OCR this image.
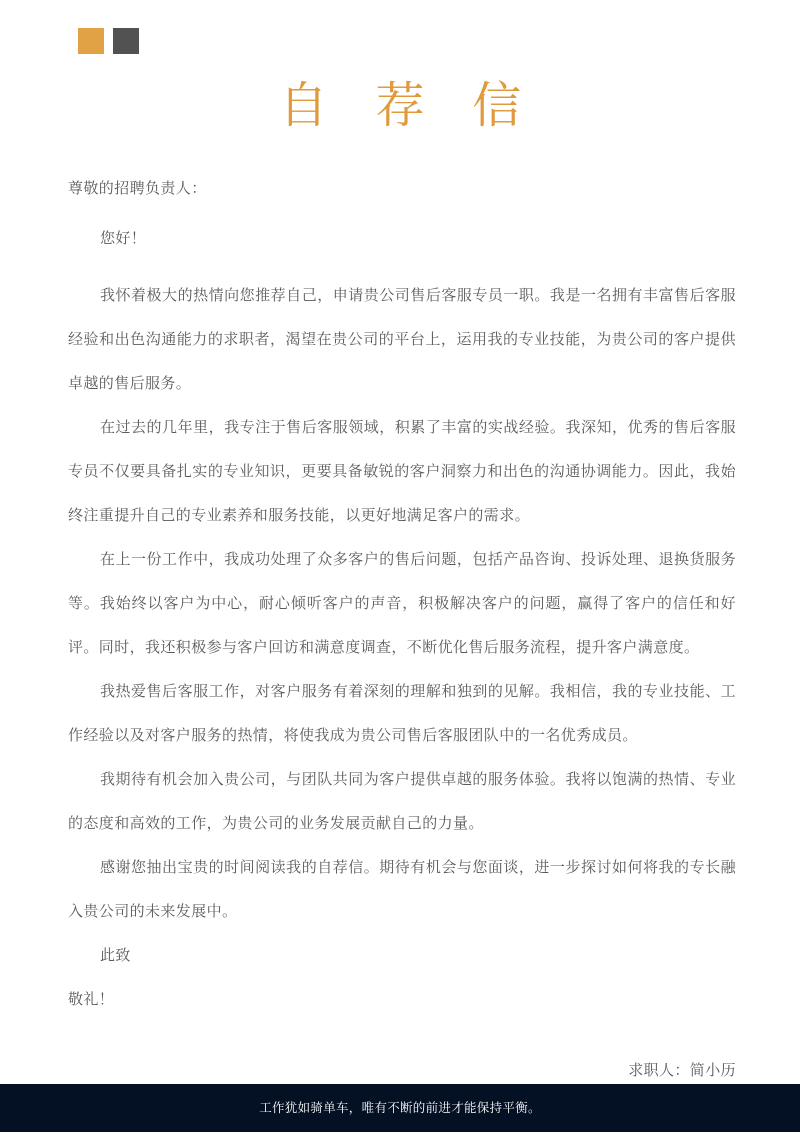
自 荐 信

尊敬的招聘负责人：

您好！

我怀着极大的热情向您推荐自己，申请贵公司售后客服专员一职。我是一名拥有丰富售后客服经验和出色沟通能力的求职者，渴望在贵公司的平台上，运用我的专业技能，为贵公司的客户提供卓越的售后服务。

在过去的几年里，我专注于售后客服领域，积累了丰富的实战经验。我深知，优秀的售后客服专员不仅要具备扎实的专业知识，更要具备敏锐的客户洞察力和出色的沟通协调能力。因此，我始终注重提升自己的专业素养和服务技能，以更好地满足客户的需求。

在上一份工作中，我成功处理了众多客户的售后问题，包括产品咨询、投诉处理、退换货服务等。我始终以客户为中心，耐心倾听客户的声音，积极解决客户的问题，赢得了客户的信任和好评。同时，我还积极参与客户回访和满意度调查，不断优化售后服务流程，提升客户满意度。

我热爱售后客服工作，对客户服务有着深刻的理解和独到的见解。我相信，我的专业技能、工作经验以及对客户服务的热情，将使我成为贵公司售后客服团队中的一名优秀成员。

我期待有机会加入贵公司，与团队共同为客户提供卓越的服务体验。我将以饱满的热情、专业的态度和高效的工作，为贵公司的业务发展贡献自己的力量。

感谢您抽出宝贵的时间阅读我的自荐信。期待有机会与您面谈，进一步探讨如何将我的专长融入贵公司的未来发展中。

此致

敬礼！

求职人：简小历

工作犹如骑单车，唯有不断的前进才能保持平衡。
